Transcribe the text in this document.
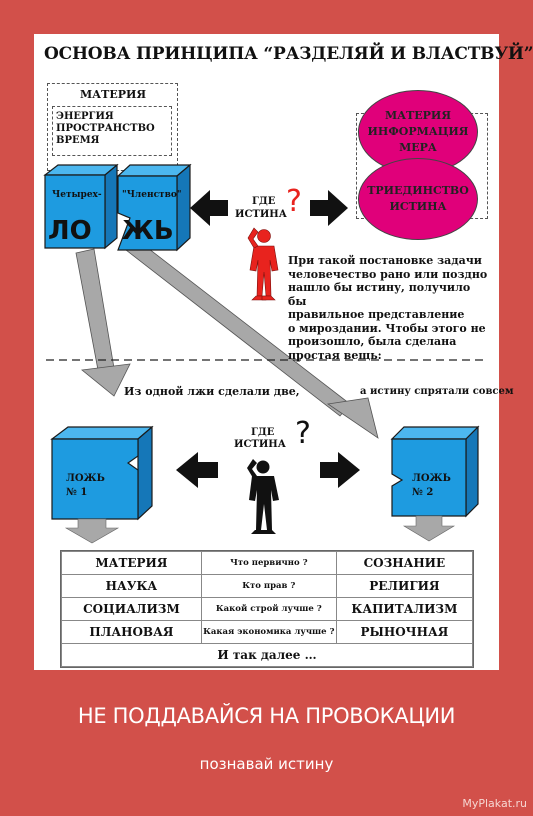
ОСНОВА ПРИНЦИПА “РАЗДЕЛЯЙ И ВЛАСТВУЙ”
МАТЕРИЯ
ЭНЕРГИЯ
ПРОСТРАНСТВО
ВРЕМЯ
Четырех- "Членство"
ЛО ЖЬ
ГДЕ
ИСТИНА ?
МАТЕРИЯ
ИНФОРМАЦИЯ
МЕРА
ТРИЕДИНСТВО
ИСТИНА
При такой постановке задачи
человечество рано или поздно
нашло бы истину, получило бы
правильное представление
о мироздании. Чтобы этого не
произошло, была сделана
простая вещь:
Из одной лжи сделали две,	а истину спрятали совсем
ГДЕ
ИСТИНА ?
ЛОЖЬ
№ 1
ЛОЖЬ
№ 2
МАТЕРИЯ	Что первично ?	СОЗНАНИЕ
НАУКА	Кто прав ?	РЕЛИГИЯ
СОЦИАЛИЗМ	Какой строй лучше ?	КАПИТАЛИЗМ
ПЛАНОВАЯ	Какая экономика лучше ?	РЫНОЧНАЯ
И так далее …		
НЕ ПОДДАВАЙСЯ НА ПРОВОКАЦИИ
познавай истину
MyPlakat.ru
